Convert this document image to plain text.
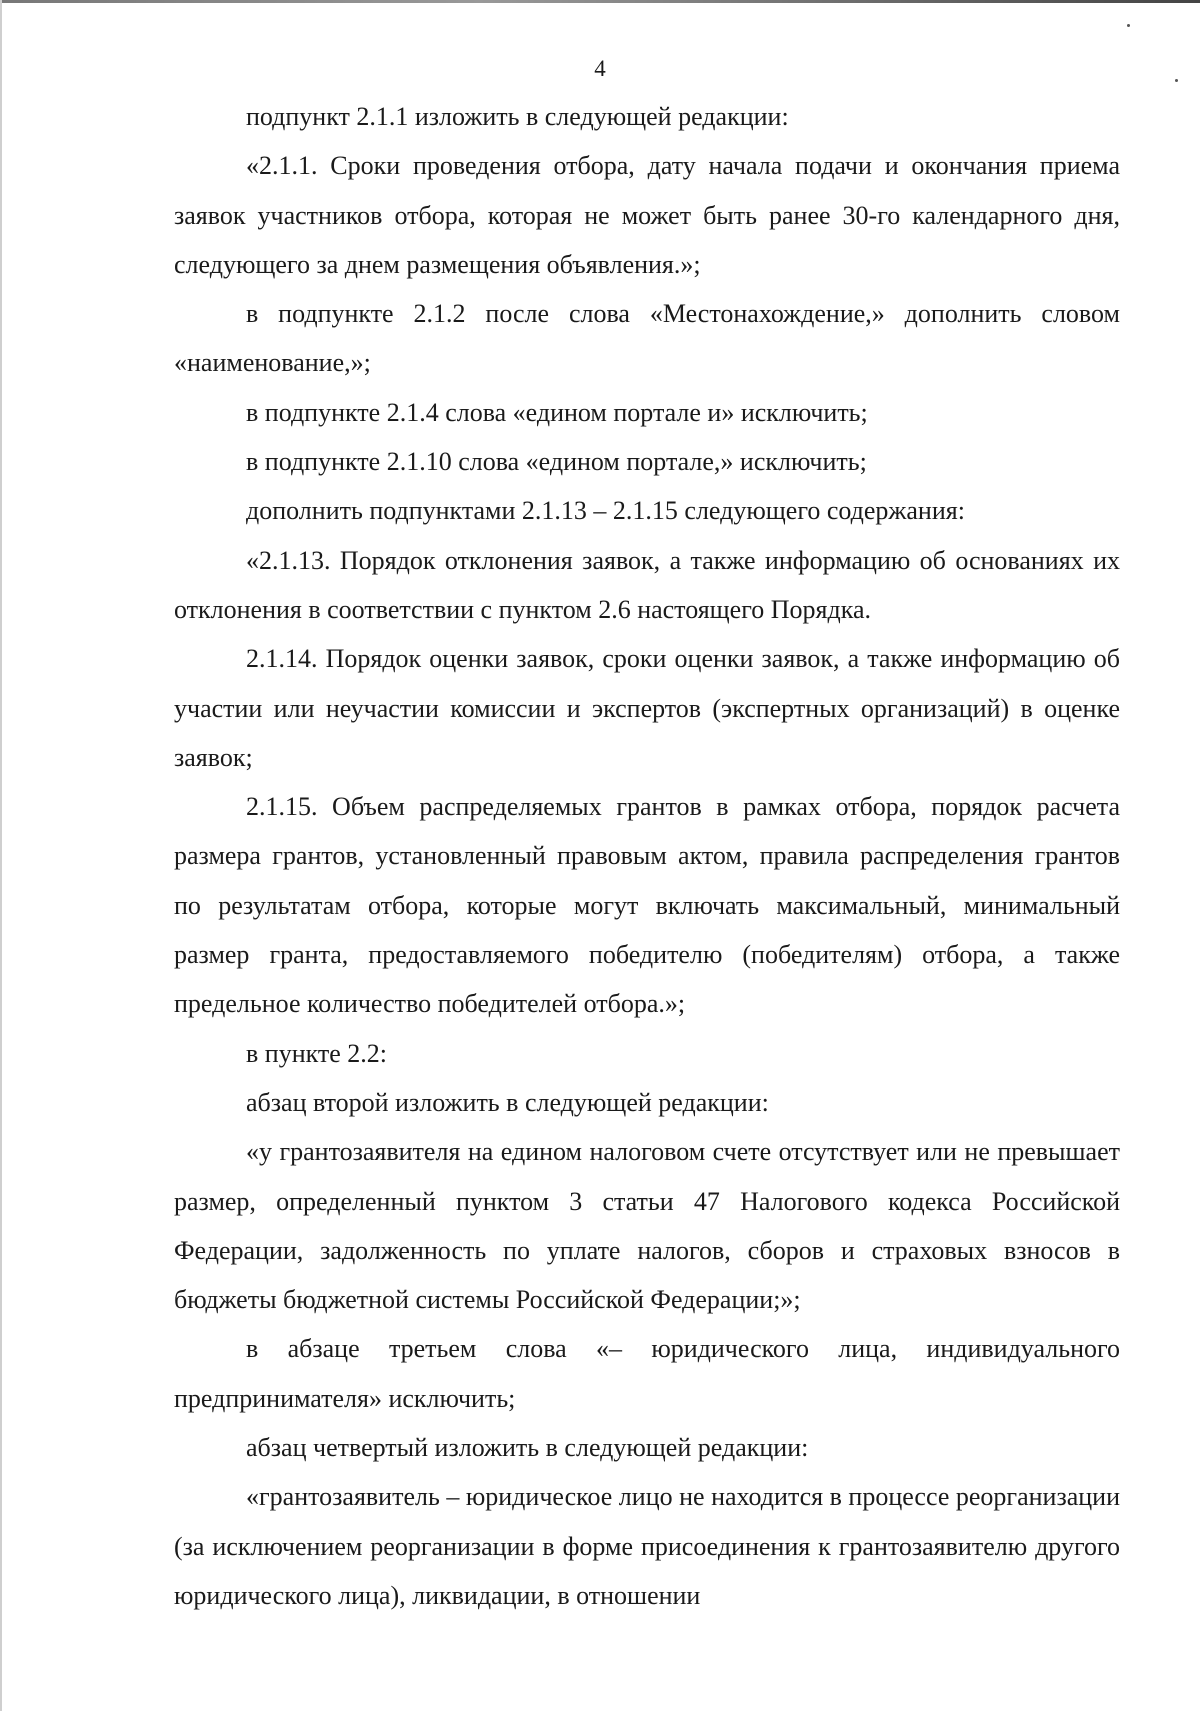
4

подпункт 2.1.1 изложить в следующей редакции:

«2.1.1. Сроки проведения отбора, дату начала подачи и окончания приема заявок участников отбора, которая не может быть ранее 30-го календарного дня, следующего за днем размещения объявления.»;

в подпункте 2.1.2 после слова «Местонахождение,» дополнить словом «наименование,»;

в подпункте 2.1.4 слова «едином портале и» исключить;

в подпункте 2.1.10 слова «едином портале,» исключить;

дополнить подпунктами 2.1.13 – 2.1.15 следующего содержания:

«2.1.13. Порядок отклонения заявок, а также информацию об основаниях их отклонения в соответствии с пунктом 2.6 настоящего Порядка.

2.1.14. Порядок оценки заявок, сроки оценки заявок, а также информацию об участии или неучастии комиссии и экспертов (экспертных организаций) в оценке заявок;

2.1.15. Объем распределяемых грантов в рамках отбора, порядок расчета размера грантов, установленный правовым актом, правила распределения грантов по результатам отбора, которые могут включать максимальный, минимальный размер гранта, предоставляемого победителю (победителям) отбора, а также предельное количество победителей отбора.»;

в пункте 2.2:

абзац второй изложить в следующей редакции:

«у грантозаявителя на едином налоговом счете отсутствует или не превышает размер, определенный пунктом 3 статьи 47 Налогового кодекса Российской Федерации, задолженность по уплате налогов, сборов и страховых взносов в бюджеты бюджетной системы Российской Федерации;»;

в абзаце третьем слова «– юридического лица, индивидуального предпринимателя» исключить;

абзац четвертый изложить в следующей редакции:

«грантозаявитель – юридическое лицо не находится в процессе реорганизации (за исключением реорганизации в форме присоединения к грантозаявителю другого юридического лица), ликвидации, в отношении
